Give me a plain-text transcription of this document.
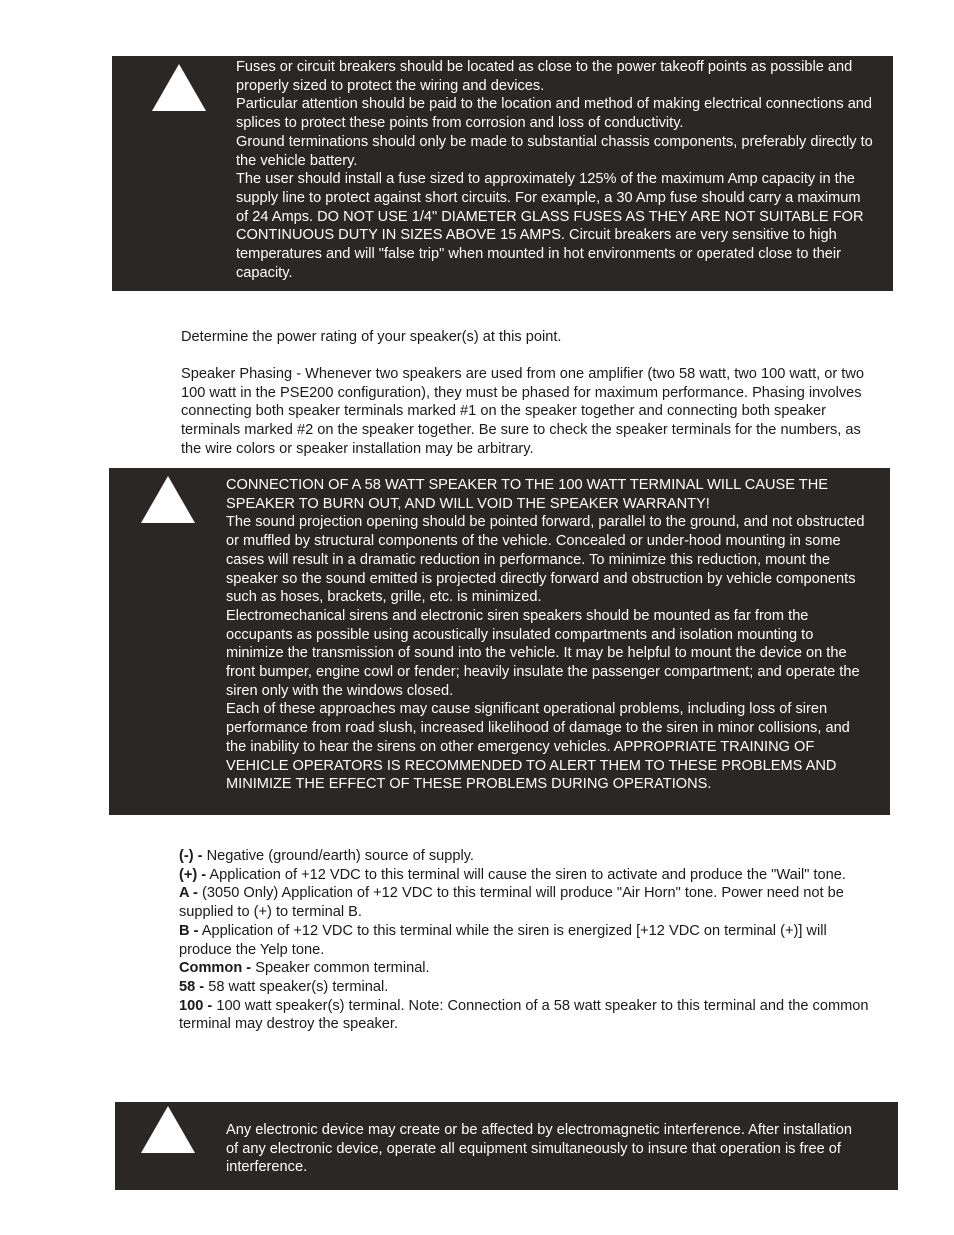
Fuses or circuit breakers should be located as close to the power takeoff points as possible and properly sized to protect the wiring and devices.

Particular attention should be paid to the location and method of making electrical connections and splices to protect these points from corrosion and loss of conductivity.

Ground terminations should only be made to substantial chassis components, preferably directly to the vehicle battery.

The user should install a fuse sized to approximately 125% of the maximum Amp capacity in the supply line to protect against short circuits. For example, a 30 Amp fuse should carry a maximum of 24 Amps. DO NOT USE 1/4" DIAMETER GLASS FUSES AS THEY ARE NOT SUITABLE FOR CONTINUOUS DUTY IN SIZES ABOVE 15 AMPS. Circuit breakers are very sensitive to high temperatures and will "false trip" when mounted in hot environments or operated close to their capacity.

Determine the power rating of your speaker(s) at this point.

Speaker Phasing - Whenever two speakers are used from one amplifier (two 58 watt, two 100 watt, or two 100 watt in the PSE200 configuration), they must be phased for maximum performance. Phasing involves connecting both speaker terminals marked #1 on the speaker together and connecting both speaker terminals marked #2 on the speaker together. Be sure to check the speaker terminals for the numbers, as the wire colors or speaker installation may be arbitrary.

CONNECTION OF A 58 WATT SPEAKER TO THE 100 WATT TERMINAL WILL CAUSE THE SPEAKER TO BURN OUT, AND WILL VOID THE SPEAKER WARRANTY!

The sound projection opening should be pointed forward, parallel to the ground, and not obstructed or muffled by structural components of the vehicle. Concealed or under-hood mounting in some cases will result in a dramatic reduction in performance. To minimize this reduction, mount the speaker so the sound emitted is projected directly forward and obstruction by vehicle components such as hoses, brackets, grille, etc. is minimized.

Electromechanical sirens and electronic siren speakers should be mounted as far from the occupants as possible using acoustically insulated compartments and isolation mounting to minimize the transmission of sound into the vehicle. It may be helpful to mount the device on the front bumper, engine cowl or fender; heavily insulate the passenger compartment; and operate the siren only with the windows closed.

Each of these approaches may cause significant operational problems, including loss of siren performance from road slush, increased likelihood of damage to the siren in minor collisions, and the inability to hear the sirens on other emergency vehicles. APPROPRIATE TRAINING OF VEHICLE OPERATORS IS RECOMMENDED TO ALERT THEM TO THESE PROBLEMS AND MINIMIZE THE EFFECT OF THESE PROBLEMS DURING OPERATIONS.

(-) - Negative (ground/earth) source of supply.

(+) - Application of +12 VDC to this terminal will cause the siren to activate and produce the "Wail" tone.

A - (3050 Only) Application of +12 VDC to this terminal will produce "Air Horn" tone. Power need not be supplied to (+) to terminal B.

B - Application of +12 VDC to this terminal while the siren is energized [+12 VDC on terminal (+)] will produce the Yelp tone.

Common - Speaker common terminal.

58 - 58 watt speaker(s) terminal.

100 - 100 watt speaker(s) terminal. Note: Connection of a 58 watt speaker to this terminal and the common terminal may destroy the speaker.

Any electronic device may create or be affected by electromagnetic interference. After installation of any electronic device, operate all equipment simultaneously to insure that operation is free of interference.
